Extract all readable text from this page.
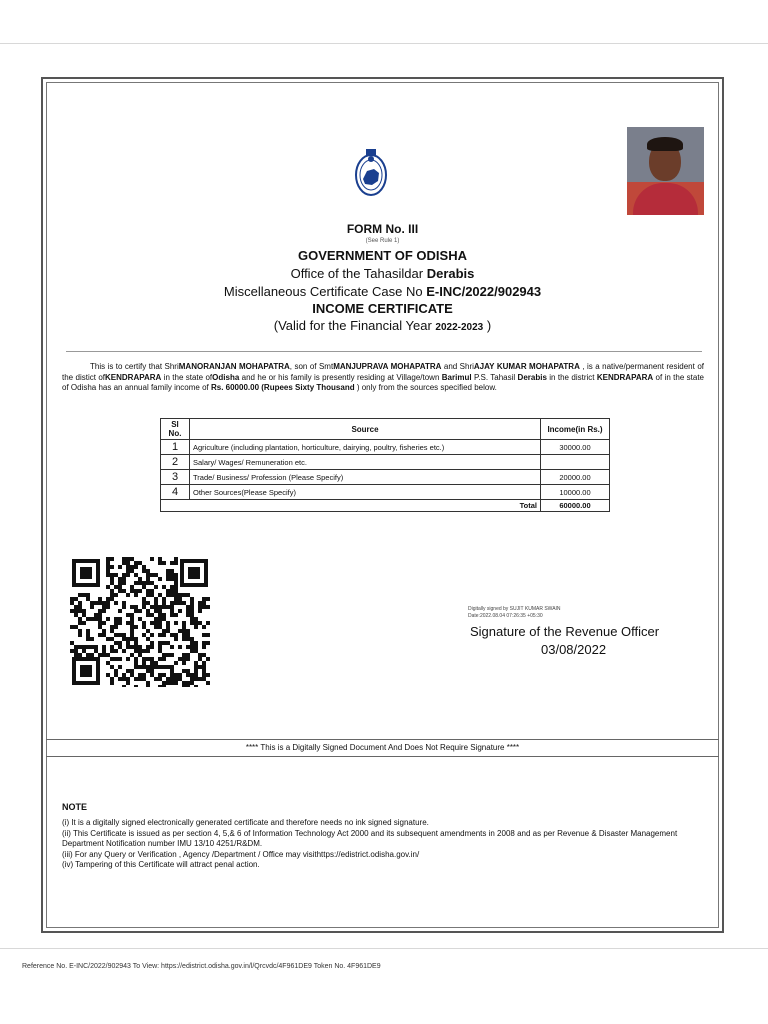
FORM No. III
(See Rule 1)
GOVERNMENT OF ODISHA
Office of the Tahasildar Derabis
Miscellaneous Certificate Case No E-INC/2022/902943
INCOME CERTIFICATE
(Valid for the Financial Year 2022-2023 )
This is to certify that ShriMANORANJAN MOHAPATRA, son of SmtMANJUPRAVA MOHAPATRA and ShriAJAY KUMAR MOHAPATRA , is a native/permanent resident of the distict ofKENDRAPARA in the state ofOdisha and he or his family is presently residing at Village/town Barimul P.S. Tahasil Derabis in the district KENDRAPARA of in the state of Odisha has an annual family income of Rs. 60000.00 (Rupees Sixty Thousand ) only from the sources specified below.
Sl No.	Source	Income(in Rs.)
1	Agriculture (including plantation, horticulture, dairying, poultry, fisheries etc.)	30000.00
2	Salary/ Wages/ Remuneration etc.	
3	Trade/ Business/ Profession (Please Specify)	20000.00
4	Other Sources(Please Specify)	10000.00
Total		60000.00
Digitally signed by SUJIT KUMAR SWAIN
Date:2022.08.04 07:26:35 +05:30
Signature of the Revenue Officer
03/08/2022
**** This is a Digitally Signed Document And Does Not Require Signature ****
NOTE
(i) It is a digitally signed electronically generated certificate and therefore needs no ink signed signature.
(ii) This Certificate is issued as per section 4, 5,& 6 of Information Technology Act 2000 and its subsequent amendments in 2008 and as per Revenue & Disaster Management Department Notification number IMU 13/10 4251/R&DM.
(iii) For any Query or Verification , Agency /Department / Office may visithttps://edistrict.odisha.gov.in/
(iv) Tampering of this Certificate will attract penal action.
Reference No. E-INC/2022/902943 To View: https://edistrict.odisha.gov.in/l/Qrcvdc/4F961DE9 Token No. 4F961DE9
